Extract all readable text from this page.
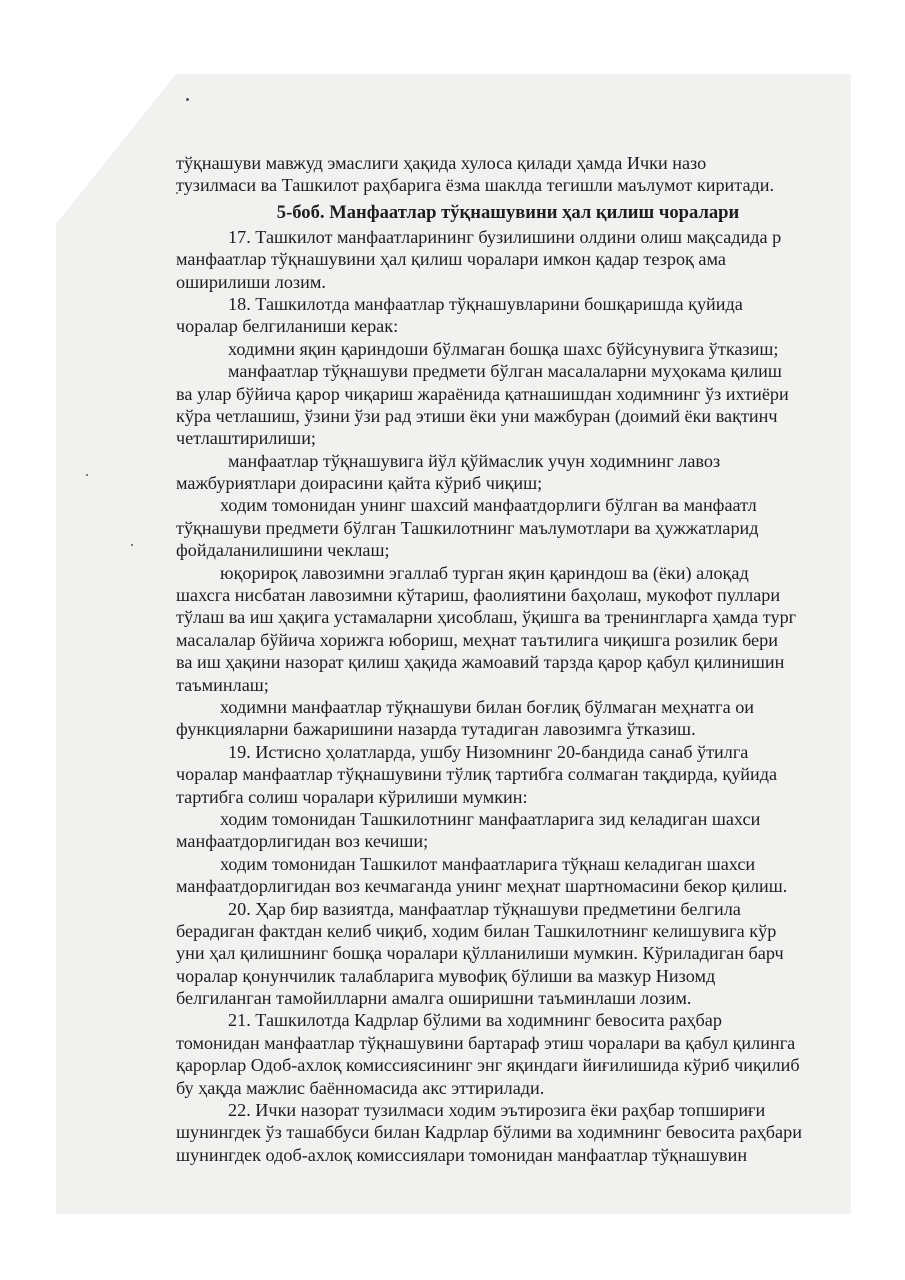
тўқнашуви мавжуд эмаслиги ҳақида хулоса қилади ҳамда Ички назо
тузилмаси ва Ташкилот раҳбарига ёзма шаклда тегишли маълумот киритади.
5-боб. Манфаатлар тўқнашувини ҳал қилиш чоралари
17. Ташкилот манфаатларининг бузилишини олдини олиш мақсадида р
манфаатлар тўқнашувини ҳал қилиш чоралари имкон қадар тезроқ ама
оширилиши лозим.
18. Ташкилотда манфаатлар тўқнашувларини бошқаришда қуйида
чоралар белгиланиши керак:
ходимни яқин қариндоши бўлмаган бошқа шахс бўйсунувига ўтказиш;
манфаатлар тўқнашуви предмети бўлган масалаларни муҳокама қилиш
ва улар бўйича қарор чиқариш жараёнида қатнашишдан ходимнинг ўз ихтиёри
кўра четлашиш, ўзини ўзи рад этиши ёки уни мажбуран (доимий ёки вақтинч
четлаштирилиши;
манфаатлар тўқнашувига йўл қўймаслик учун ходимнинг лавоз
мажбуриятлари доирасини қайта кўриб чиқиш;
ходим томонидан унинг шахсий манфаатдорлиги бўлган ва манфаатл
тўқнашуви предмети бўлган Ташкилотнинг маълумотлари ва ҳужжатларид
фойдаланилишини чеклаш;
юқорироқ лавозимни эгаллаб турган яқин қариндош ва (ёки) алоқад
шахсга нисбатан лавозимни кўтариш, фаолиятини баҳолаш, мукофот пуллари
тўлаш ва иш ҳақига устамаларни ҳисоблаш, ўқишга ва тренингларга ҳамда тург
масалалар бўйича хорижга юбориш, меҳнат таътилига чиқишга розилик бери
ва иш ҳақини назорат қилиш ҳақида жамоавий тарзда қарор қабул қилинишин
таъминлаш;
ходимни манфаатлар тўқнашуви билан боғлиқ бўлмаган меҳнатга ои
функцияларни бажаришини назарда тутадиган лавозимга ўтказиш.
19. Истисно ҳолатларда, ушбу Низомнинг 20-бандида санаб ўтилга
чоралар манфаатлар тўқнашувини тўлиқ тартибга солмаган тақдирда, қуйида
тартибга солиш чоралари кўрилиши мумкин:
ходим томонидан Ташкилотнинг манфаатларига зид келадиган шахси
манфаатдорлигидан воз кечиши;
ходим томонидан Ташкилот манфаатларига тўқнаш келадиган шахси
манфаатдорлигидан воз кечмаганда унинг меҳнат шартномасини бекор қилиш.
20. Ҳар бир вазиятда, манфаатлар тўқнашуви предметини белгила
берадиган фактдан келиб чиқиб, ходим билан Ташкилотнинг келишувига кўр
уни ҳал қилишнинг бошқа чоралари қўлланилиши мумкин. Кўриладиган барч
чоралар қонунчилик талабларига мувофиқ бўлиши ва мазкур Низомд
белгиланган тамойилларни амалга оширишни таъминлаши лозим.
21. Ташкилотда Кадрлар бўлими ва ходимнинг бевосита раҳбар
томонидан манфаатлар тўқнашувини бартараф этиш чоралари ва қабул қилинга
қарорлар Одоб-ахлоқ комиссиясининг энг яқиндаги йиғилишида кўриб чиқилиб
бу ҳақда мажлис баённомасида акс эттирилади.
22. Ички назорат тузилмаси ходим эътирозига ёки раҳбар топшириғи
шунингдек ўз ташаббуси билан Кадрлар бўлими ва ходимнинг бевосита раҳбари
шунингдек одоб-ахлоқ комиссиялари томонидан манфаатлар тўқнашувин
